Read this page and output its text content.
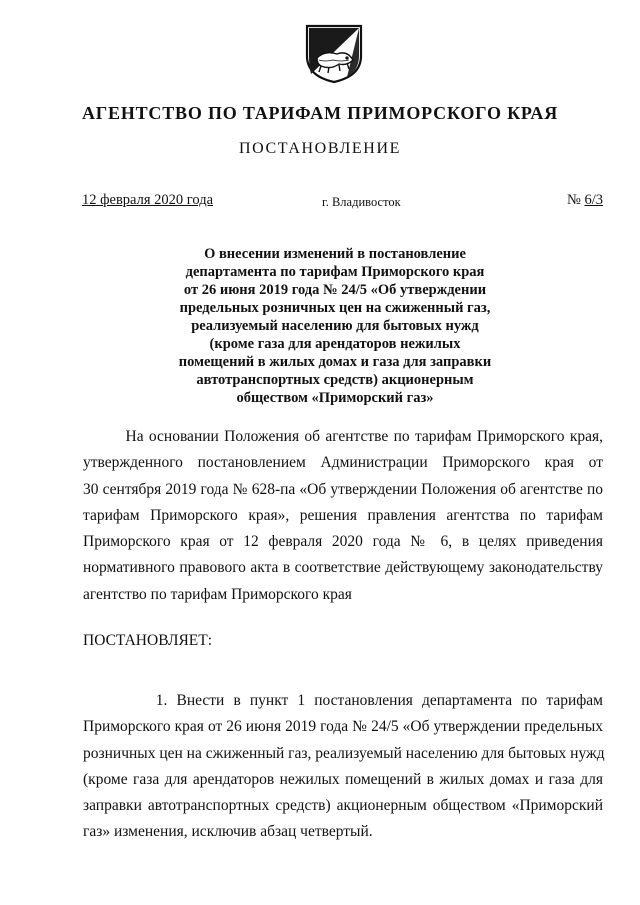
АГЕНТСТВО ПО ТАРИФАМ ПРИМОРСКОГО КРАЯ
ПОСТАНОВЛЕНИЕ
12 февраля 2020 года	г. Владивосток	№ 6/3
О внесении изменений в постановление
департамента по тарифам Приморского края
от 26 июня 2019 года № 24/5 «Об утверждении
предельных розничных цен на сжиженный газ,
реализуемый населению для бытовых нужд
(кроме газа для арендаторов нежилых
помещений в жилых домах и газа для заправки
автотранспортных средств) акционерным
обществом «Приморский газ»
На основании Положения об агентстве по тарифам Приморского края,
утвержденного постановлением Администрации Приморского края от
30 сентября 2019 года № 628-па «Об утверждении Положения об агентстве по
тарифам Приморского края», решения правления агентства по тарифам
Приморского края от 12 февраля 2020 года № 6, в целях приведения
нормативного правового акта в соответствие действующему законодательству
агентство по тарифам Приморского края
ПОСТАНОВЛЯЕТ:
1. Внести в пункт 1 постановления департамента по тарифам
Приморского края от 26 июня 2019 года № 24/5 «Об утверждении предельных
розничных цен на сжиженный газ, реализуемый населению для бытовых нужд
(кроме газа для арендаторов нежилых помещений в жилых домах и газа для
заправки автотранспортных средств) акционерным обществом «Приморский
газ» изменения, исключив абзац четвертый.
